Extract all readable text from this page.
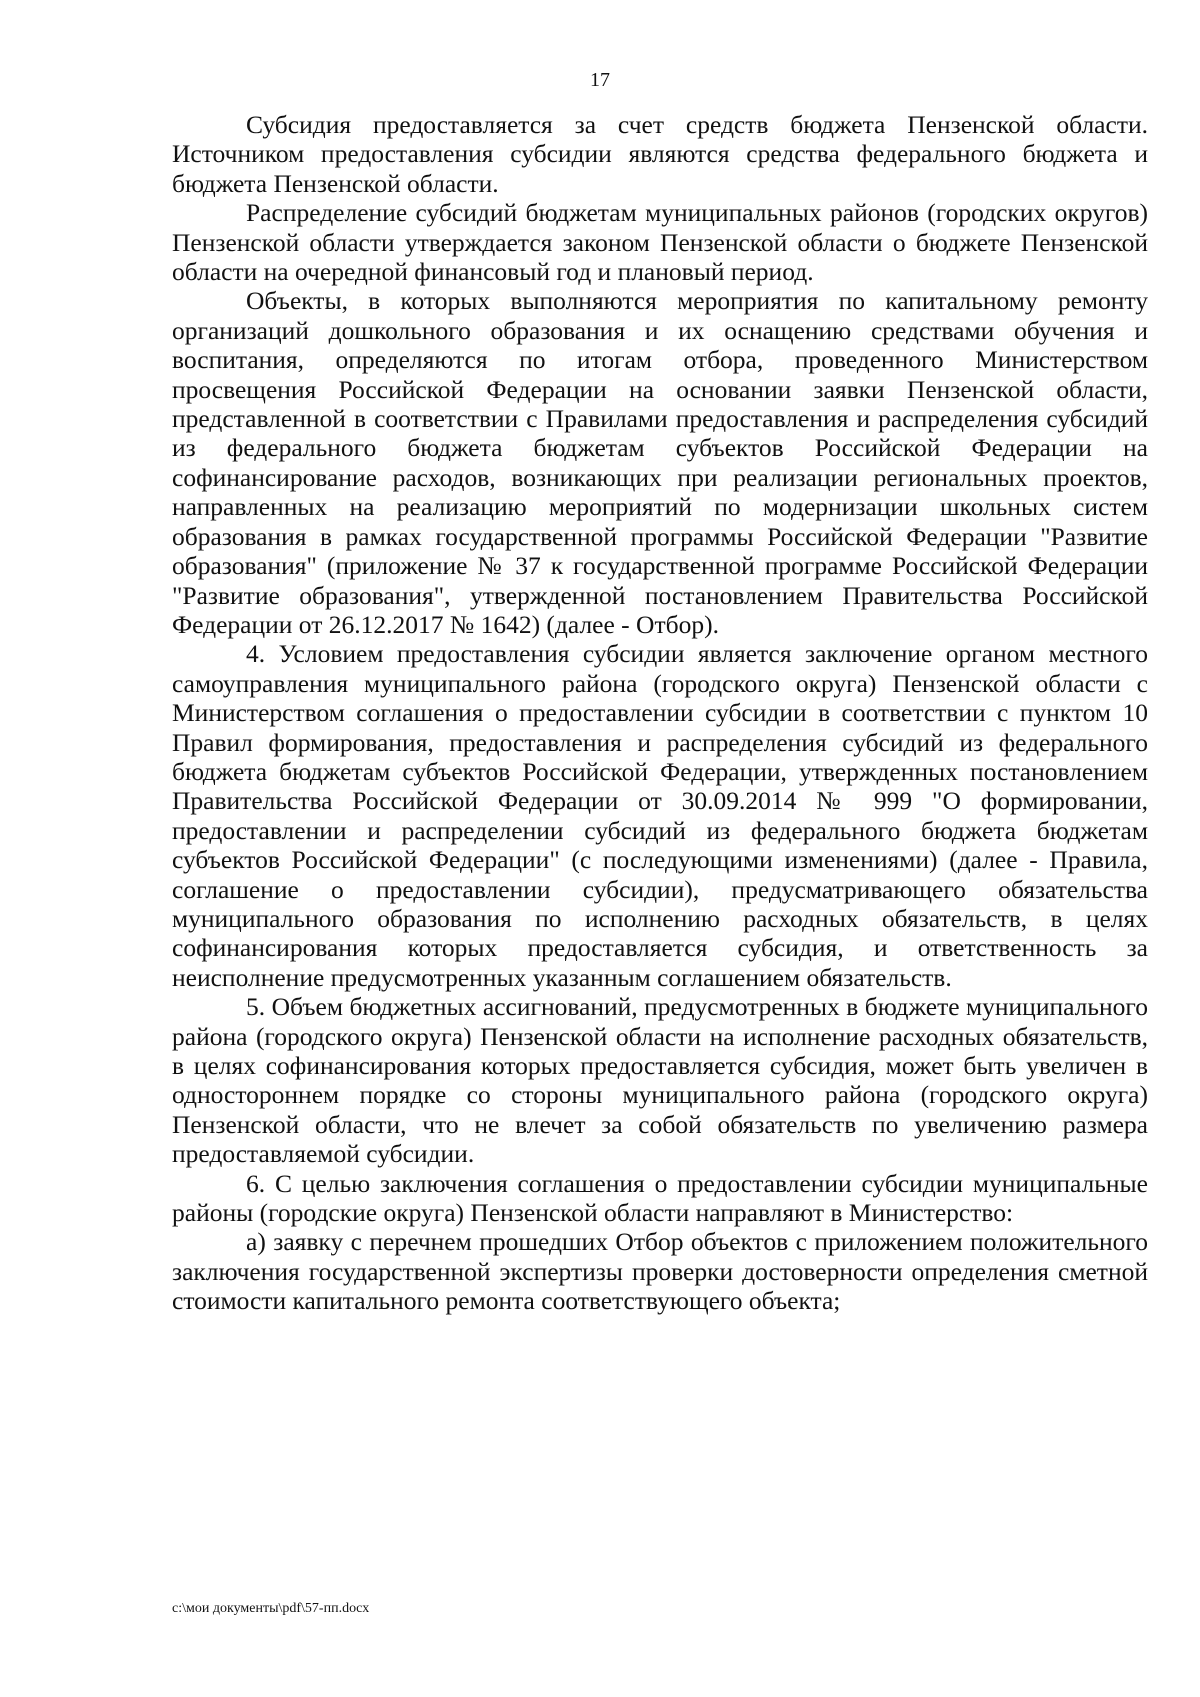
17

Субсидия предоставляется за счет средств бюджета Пензенской области. Источником предоставления субсидии являются средства федерального бюджета и бюджета Пензенской области.

Распределение субсидий бюджетам муниципальных районов (городских округов) Пензенской области утверждается законом Пензенской области о бюджете Пензенской области на очередной финансовый год и плановый период.

Объекты, в которых выполняются мероприятия по капитальному ремонту организаций дошкольного образования и их оснащению средствами обучения и воспитания, определяются по итогам отбора, проведенного Министерством просвещения Российской Федерации на основании заявки Пензенской области, представленной в соответствии с Правилами предоставления и распределения субсидий из федерального бюджета бюджетам субъектов Российской Федерации на софинансирование расходов, возникающих при реализации региональных проектов, направленных на реализацию мероприятий по модернизации школьных систем образования в рамках государственной программы Российской Федерации "Развитие образования" (приложение № 37 к государственной программе Российской Федерации "Развитие образования", утвержденной постановлением Правительства Российской Федерации от 26.12.2017 № 1642) (далее - Отбор).

4. Условием предоставления субсидии является заключение органом местного самоуправления муниципального района (городского округа) Пензенской области с Министерством соглашения о предоставлении субсидии в соответствии с пунктом 10 Правил формирования, предоставления и распределения субсидий из федерального бюджета бюджетам субъектов Российской Федерации, утвержденных постановлением Правительства Российской Федерации от 30.09.2014 № 999 "О формировании, предоставлении и распределении субсидий из федерального бюджета бюджетам субъектов Российской Федерации" (с последующими изменениями) (далее - Правила, соглашение о предоставлении субсидии), предусматривающего обязательства муниципального образования по исполнению расходных обязательств, в целях софинансирования которых предоставляется субсидия, и ответственность за неисполнение предусмотренных указанным соглашением обязательств.

5. Объем бюджетных ассигнований, предусмотренных в бюджете муниципального района (городского округа) Пензенской области на исполнение расходных обязательств, в целях софинансирования которых предоставляется субсидия, может быть увеличен в одностороннем порядке со стороны муниципального района (городского округа) Пензенской области, что не влечет за собой обязательств по увеличению размера предоставляемой субсидии.

6. С целью заключения соглашения о предоставлении субсидии муниципальные районы (городские округа) Пензенской области направляют в Министерство:

а) заявку с перечнем прошедших Отбор объектов с приложением положительного заключения государственной экспертизы проверки достоверности определения сметной стоимости капитального ремонта соответствующего объекта;

c:\мои документы\pdf\57-пп.docx
